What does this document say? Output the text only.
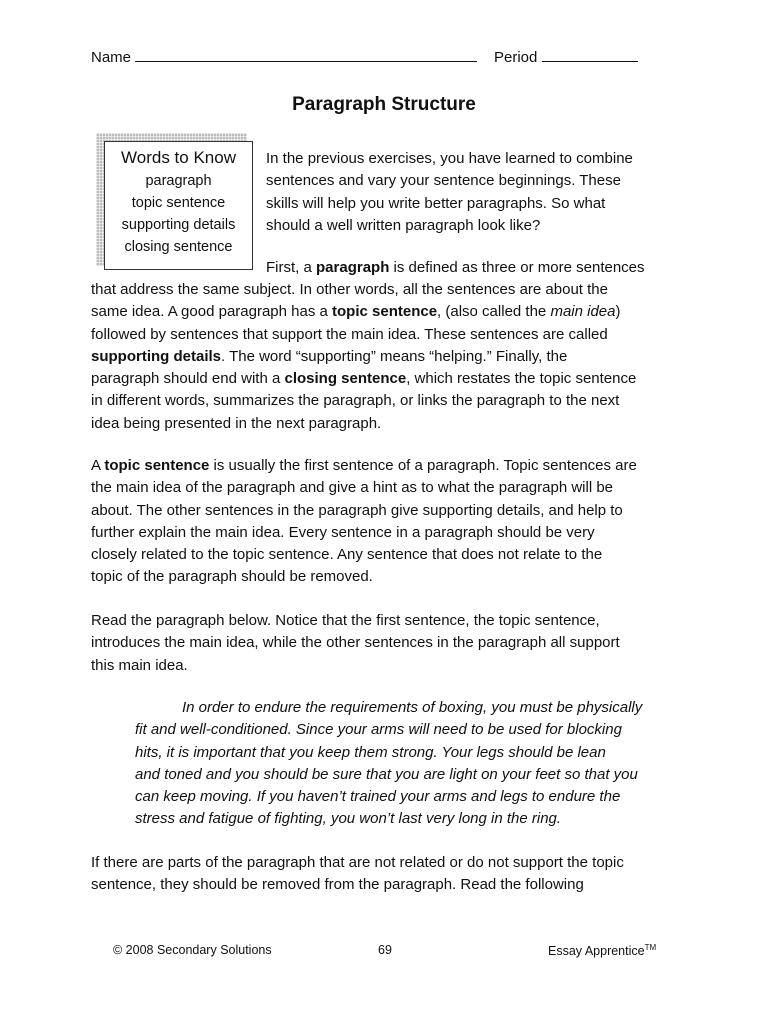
Name	Period
Paragraph Structure
Words to Know
paragraph
topic sentence
supporting details
closing sentence
In the previous exercises, you have learned to combine
sentences and vary your sentence beginnings. These
skills will help you write better paragraphs. So what
should a well written paragraph look like?
First, a paragraph is defined as three or more sentences
that address the same subject. In other words, all the sentences are about the
same idea. A good paragraph has a topic sentence, (also called the main idea)
followed by sentences that support the main idea. These sentences are called
supporting details. The word “supporting” means “helping.” Finally, the
paragraph should end with a closing sentence, which restates the topic sentence
in different words, summarizes the paragraph, or links the paragraph to the next
idea being presented in the next paragraph.
A topic sentence is usually the first sentence of a paragraph. Topic sentences are
the main idea of the paragraph and give a hint as to what the paragraph will be
about. The other sentences in the paragraph give supporting details, and help to
further explain the main idea. Every sentence in a paragraph should be very
closely related to the topic sentence. Any sentence that does not relate to the
topic of the paragraph should be removed.
Read the paragraph below. Notice that the first sentence, the topic sentence,
introduces the main idea, while the other sentences in the paragraph all support
this main idea.
In order to endure the requirements of boxing, you must be physically
fit and well-conditioned. Since your arms will need to be used for blocking
hits, it is important that you keep them strong. Your legs should be lean
and toned and you should be sure that you are light on your feet so that you
can keep moving. If you haven’t trained your arms and legs to endure the
stress and fatigue of fighting, you won’t last very long in the ring.
If there are parts of the paragraph that are not related or do not support the topic
sentence, they should be removed from the paragraph. Read the following
© 2008 Secondary Solutions	69	Essay Apprentice™
